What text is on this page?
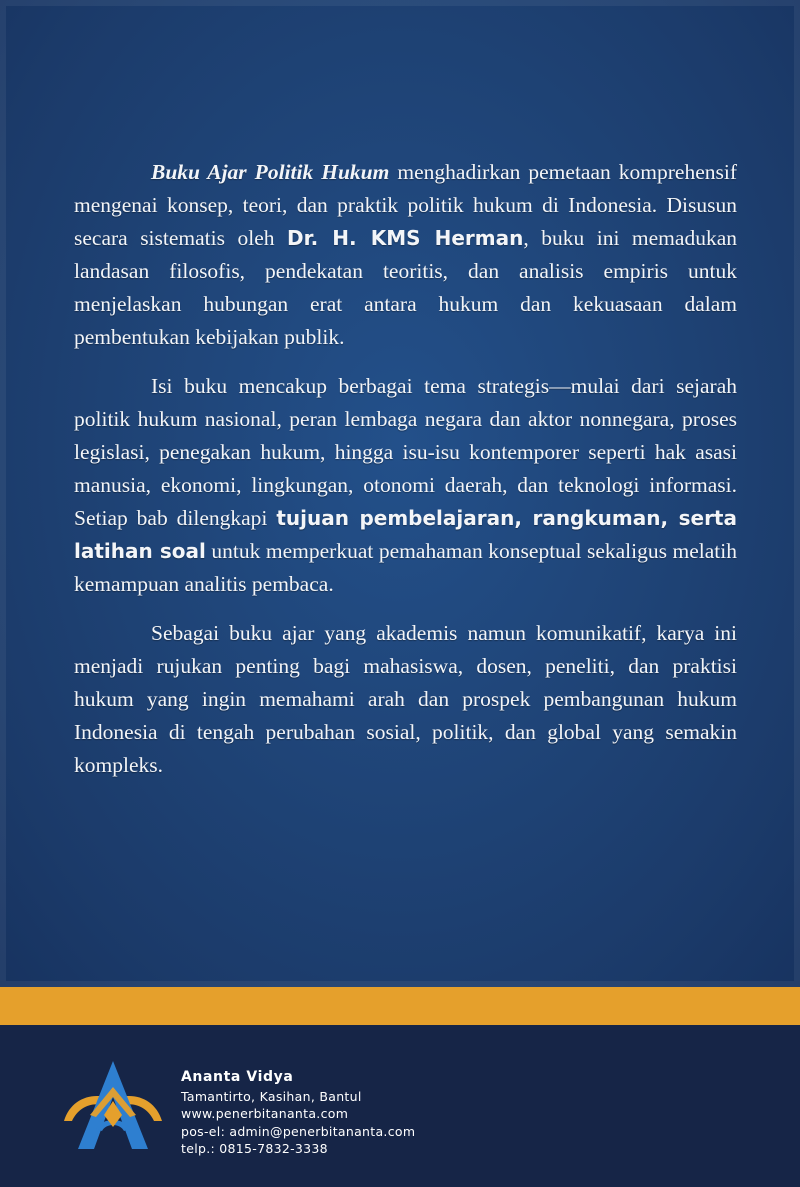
Buku Ajar Politik Hukum menghadirkan pemetaan komprehensif mengenai konsep, teori, dan praktik politik hukum di Indonesia. Disusun secara sistematis oleh Dr. H. KMS Herman, buku ini memadukan landasan filosofis, pendekatan teoritis, dan analisis empiris untuk menjelaskan hubungan erat antara hukum dan kekuasaan dalam pembentukan kebijakan publik.

Isi buku mencakup berbagai tema strategis—mulai dari sejarah politik hukum nasional, peran lembaga negara dan aktor nonnegara, proses legislasi, penegakan hukum, hingga isu-isu kontemporer seperti hak asasi manusia, ekonomi, lingkungan, otonomi daerah, dan teknologi informasi. Setiap bab dilengkapi tujuan pembelajaran, rangkuman, serta latihan soal untuk memperkuat pemahaman konseptual sekaligus melatih kemampuan analitis pembaca.

Sebagai buku ajar yang akademis namun komunikatif, karya ini menjadi rujukan penting bagi mahasiswa, dosen, peneliti, dan praktisi hukum yang ingin memahami arah dan prospek pembangunan hukum Indonesia di tengah perubahan sosial, politik, dan global yang semakin kompleks.

Ananta Vidya
Tamantirto, Kasihan, Bantul
www.penerbitananta.com
pos-el: admin@penerbitananta.com
telp.: 0815-7832-3338
